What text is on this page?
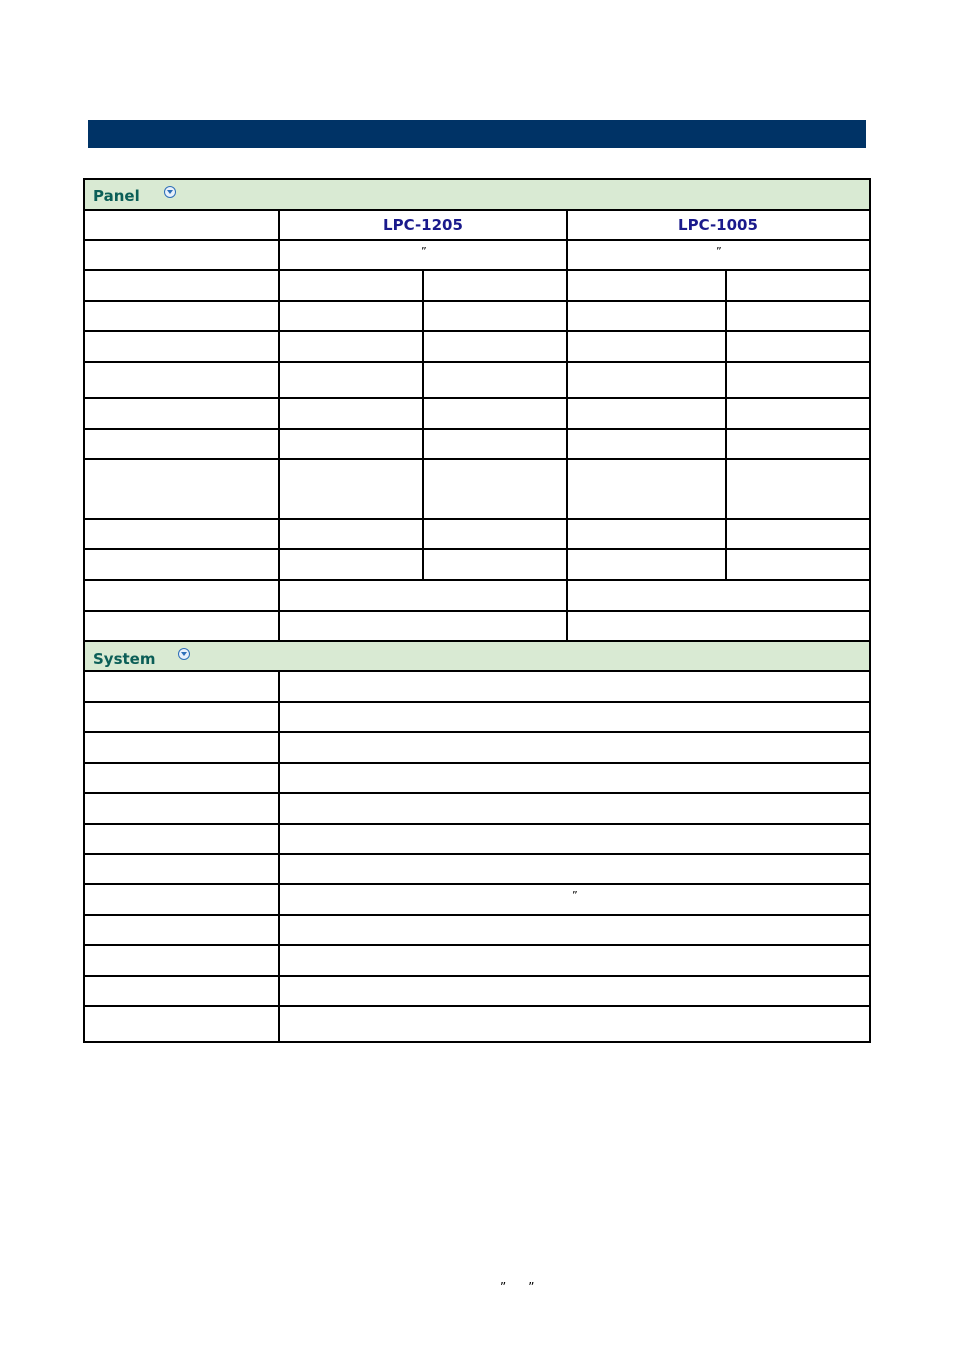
Panel
LPC-1205	LPC-1005
”	”
System
”
” ”
